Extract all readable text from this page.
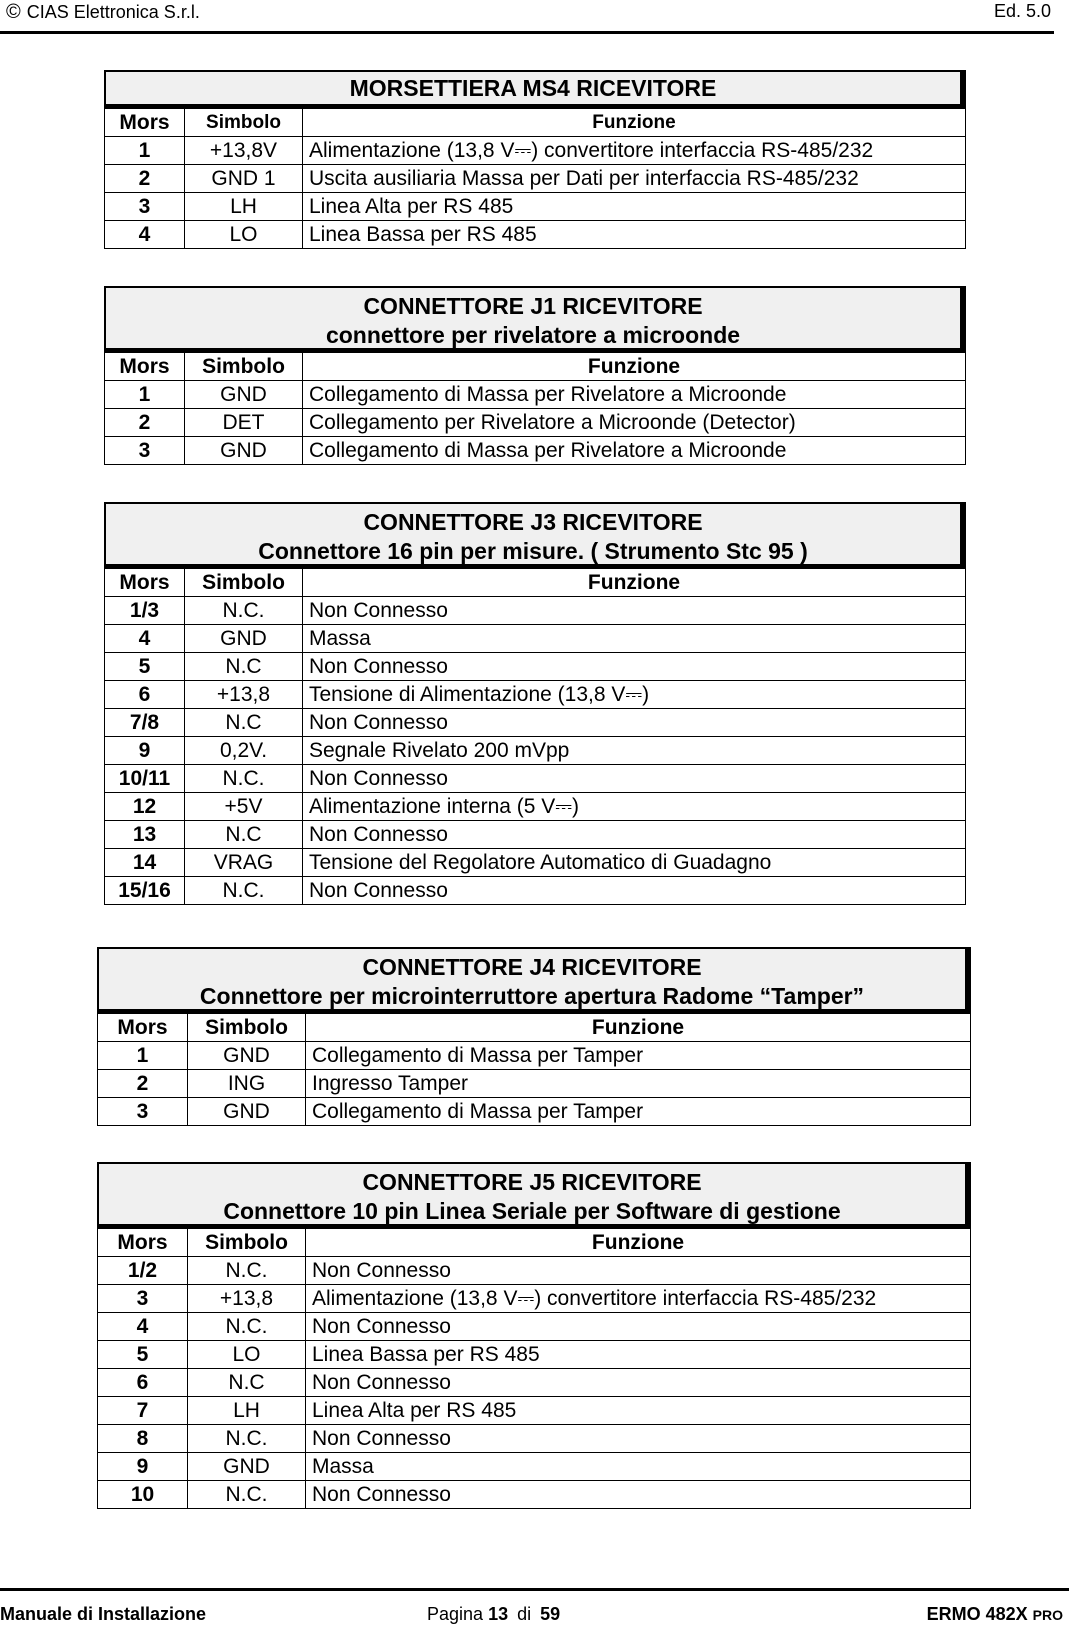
© CIAS Elettronica S.r.l.	Ed. 5.0
MORSETTIERA MS4 RICEVITORE
Mors	Simbolo	Funzione
1	+13,8V	Alimentazione (13,8 V⎓) convertitore interfaccia RS-485/232
2	GND 1	Uscita ausiliaria Massa per Dati per interfaccia RS-485/232
3	LH	Linea Alta per RS 485
4	LO	Linea Bassa per RS 485
CONNETTORE J1 RICEVITORE
connettore per rivelatore a microonde
Mors	Simbolo	Funzione
1	GND	Collegamento di Massa per Rivelatore a Microonde
2	DET	Collegamento per Rivelatore a Microonde (Detector)
3	GND	Collegamento di Massa per Rivelatore a Microonde
CONNETTORE J3 RICEVITORE
Connettore 16 pin per misure. ( Strumento Stc 95 )
Mors	Simbolo	Funzione
1/3	N.C.	Non Connesso
4	GND	Massa
5	N.C	Non Connesso
6	+13,8	Tensione di Alimentazione (13,8 V⎓)
7/8	N.C	Non Connesso
9	0,2V.	Segnale Rivelato 200 mVpp
10/11	N.C.	Non Connesso
12	+5V	Alimentazione interna (5 V⎓)
13	N.C	Non Connesso
14	VRAG	Tensione del Regolatore Automatico di Guadagno
15/16	N.C.	Non Connesso
CONNETTORE J4 RICEVITORE
Connettore per microinterruttore apertura Radome “Tamper”
Mors	Simbolo	Funzione
1	GND	Collegamento di Massa per Tamper
2	ING	Ingresso Tamper
3	GND	Collegamento di Massa per Tamper
CONNETTORE J5 RICEVITORE
Connettore 10 pin Linea Seriale per Software di gestione
Mors	Simbolo	Funzione
1/2	N.C.	Non Connesso
3	+13,8	Alimentazione (13,8 V⎓) convertitore interfaccia RS-485/232
4	N.C.	Non Connesso
5	LO	Linea Bassa per RS 485
6	N.C	Non Connesso
7	LH	Linea Alta per RS 485
8	N.C.	Non Connesso
9	GND	Massa
10	N.C.	Non Connesso
Manuale di Installazione	Pagina 13 di 59	ERMO 482X PRO
